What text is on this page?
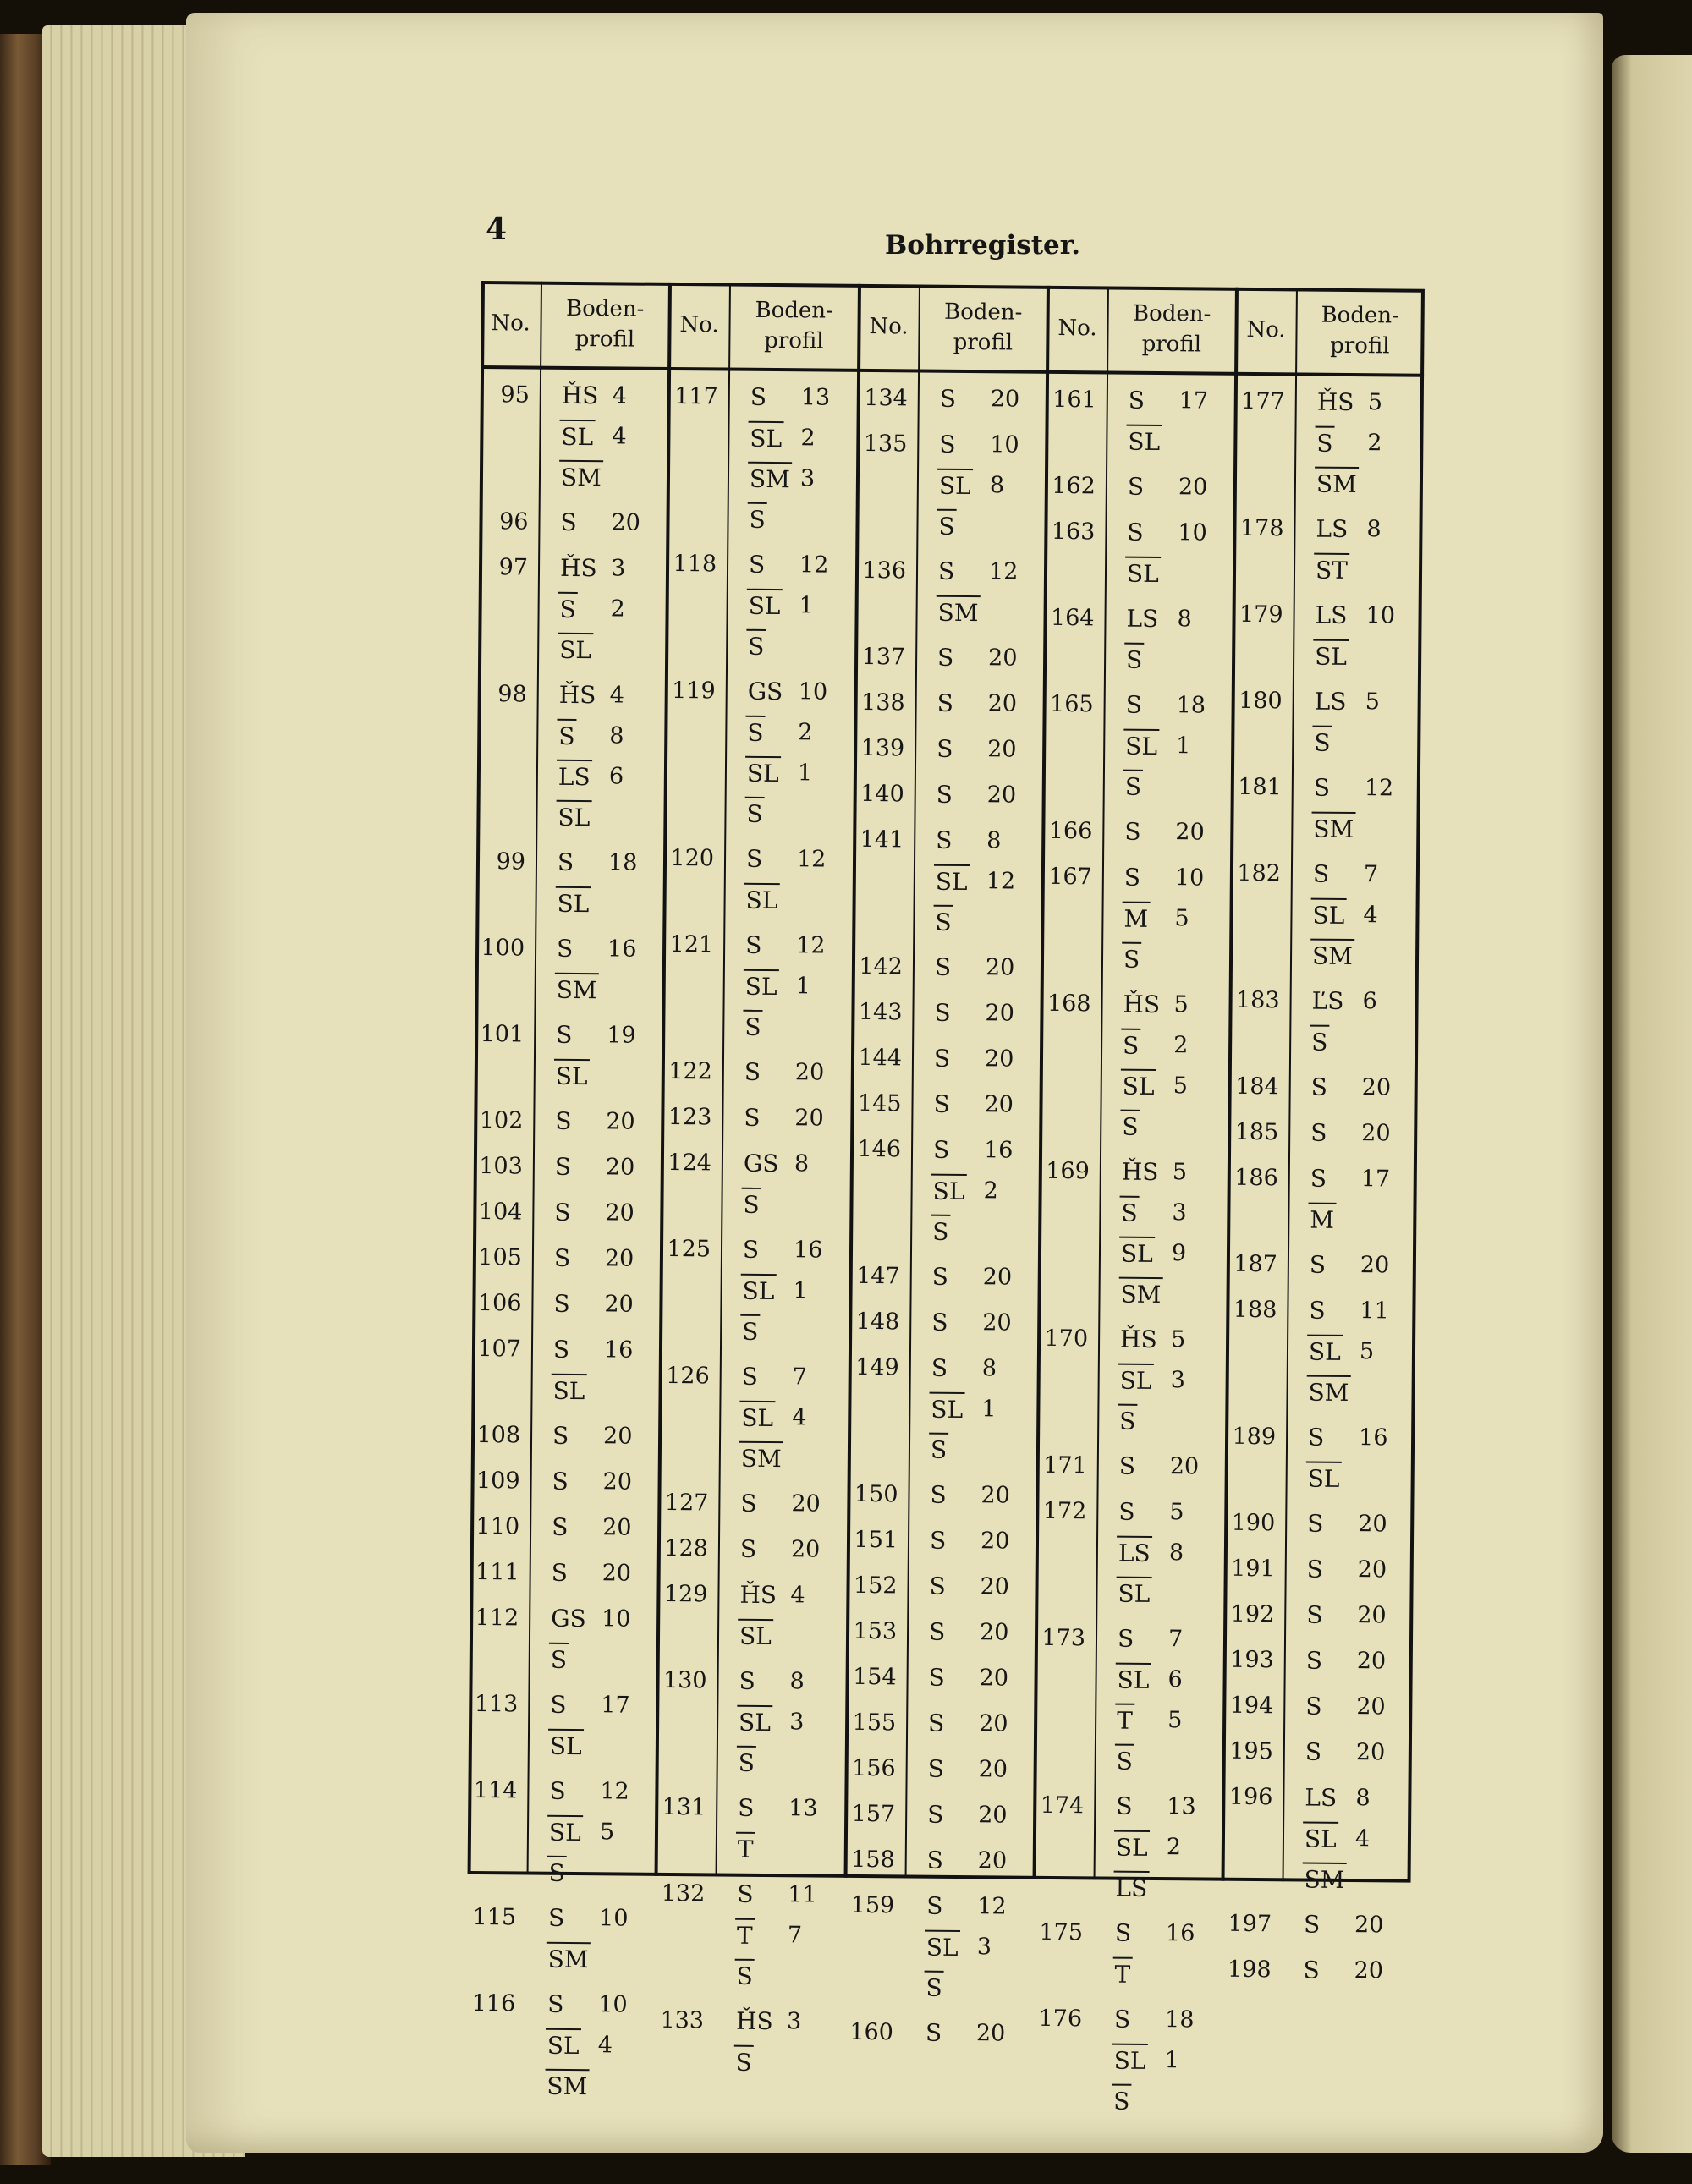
4	Bohrregister.
No.
Boden-
profil
95 ȞS 4
SL 4
SM
96 S 20
97 ȞS 3
S 2
SL
98 ȞS 4
S 8
LS 6
SL
99 S 18
SL
100 S 16
SM
101 S 19
SL
102 S 20
103 S 20
104 S 20
105 S 20
106 S 20
107 S 16
SL
108 S 20
109 S 20
110 S 20
111 S 20
112 GS 10
S
113 S 17
SL
114 S 12
SL 5
S
115 S 10
SM
116 S 10
SL 4
SM
No.
Boden-
profil
117 S 13
SL 2
SM 3
S
118 S 12
SL 1
S
119 GS 10
S 2
SL 1
S
120 S 12
SL
121 S 12
SL 1
S
122 S 20
123 S 20
124 GS 8
S
125 S 16
SL 1
S
126 S 7
SL 4
SM
127 S 20
128 S 20
129 ȞS 4
SL
130 S 8
SL 3
S
131 S 13
T
132 S 11
T 7
S
133 ȞS 3
S
No.
Boden-
profil
134 S 20
135 S 10
SL 8
S
136 S 12
SM
137 S 20
138 S 20
139 S 20
140 S 20
141 S 8
SL 12
S
142 S 20
143 S 20
144 S 20
145 S 20
146 S 16
SL 2
S
147 S 20
148 S 20
149 S 8
SL 1
S
150 S 20
151 S 20
152 S 20
153 S 20
154 S 20
155 S 20
156 S 20
157 S 20
158 S 20
159 S 12
SL 3
S
160 S 20
No.
Boden-
profil
161 S 17
SL
162 S 20
163 S 10
SL
164 LS 8
S
165 S 18
SL 1
S
166 S 20
167 S 10
M 5
S
168 ȞS 5
S 2
SL 5
S
169 ȞS 5
S 3
SL 9
SM
170 ȞS 5
SL 3
S
171 S 20
172 S 5
LS 8
SL
173 S 7
SL 6
T 5
S
174 S 13
SL 2
LS
175 S 16
T
176 S 18
SL 1
S
No.
Boden-
profil
177 ȞS 5
S 2
SM
178 LS 8
ST
179 LS 10
SL
180 LS 5
S
181 S 12
SM
182 S 7
SL 4
SM
183 ĽS 6
S
184 S 20
185 S 20
186 S 17
M
187 S 20
188 S 11
SL 5
SM
189 S 16
SL
190 S 20
191 S 20
192 S 20
193 S 20
194 S 20
195 S 20
196 LS 8
SL 4
SM
197 S 20
198 S 20
